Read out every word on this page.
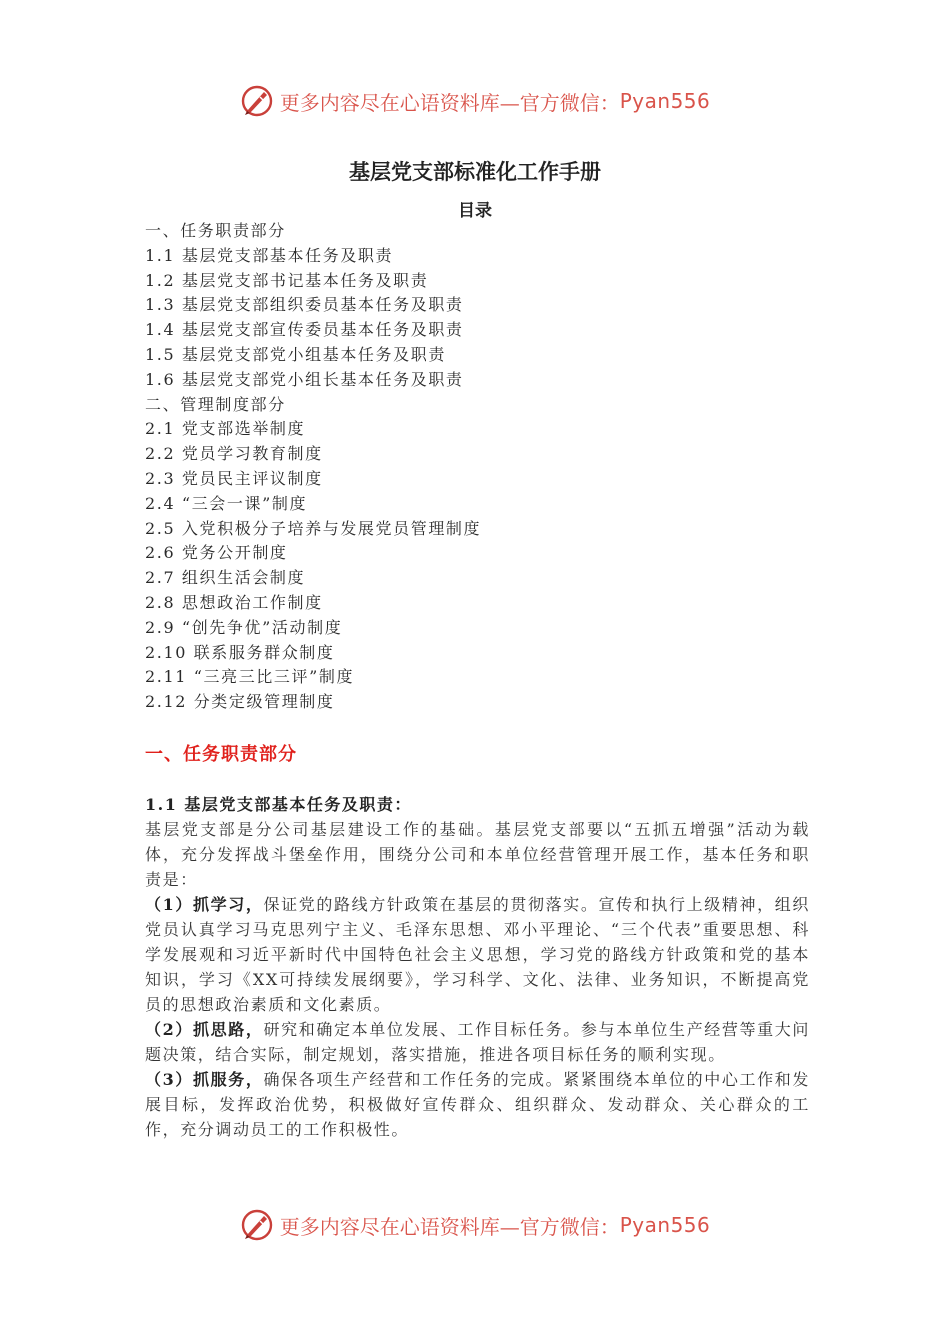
更多内容尽在心语资料库—官方微信： Pyan556
基层党支部标准化工作手册
目录
一、任务职责部分
1.1 基层党支部基本任务及职责
1.2 基层党支部书记基本任务及职责
1.3 基层党支部组织委员基本任务及职责
1.4 基层党支部宣传委员基本任务及职责
1.5 基层党支部党小组基本任务及职责
1.6 基层党支部党小组长基本任务及职责
二、管理制度部分
2.1 党支部选举制度
2.2 党员学习教育制度
2.3 党员民主评议制度
2.4 “三会一课”制度
2.5 入党积极分子培养与发展党员管理制度
2.6 党务公开制度
2.7 组织生活会制度
2.8 思想政治工作制度
2.9 “创先争优”活动制度
2.10 联系服务群众制度
2.11 “三亮三比三评”制度
2.12 分类定级管理制度
一、任务职责部分
1.1 基层党支部基本任务及职责：

基层党支部是分公司基层建设工作的基础。基层党支部要以“五抓五增强”活动为载体，充分发挥战斗堡垒作用，围绕分公司和本单位经营管理开展工作，基本任务和职责是：

（1）抓学习，保证党的路线方针政策在基层的贯彻落实。宣传和执行上级精神，组织党员认真学习马克思列宁主义、毛泽东思想、邓小平理论、“三个代表”重要思想、科学发展观和习近平新时代中国特色社会主义思想，学习党的路线方针政策和党的基本知识，学习《XX可持续发展纲要》，学习科学、文化、法律、业务知识，不断提高党员的思想政治素质和文化素质。

（2）抓思路，研究和确定本单位发展、工作目标任务。参与本单位生产经营等重大问题决策，结合实际，制定规划，落实措施，推进各项目标任务的顺利实现。

（3）抓服务，确保各项生产经营和工作任务的完成。紧紧围绕本单位的中心工作和发展目标，发挥政治优势，积极做好宣传群众、组织群众、发动群众、关心群众的工作，充分调动员工的工作积极性。

更多内容尽在心语资料库—官方微信： Pyan556
